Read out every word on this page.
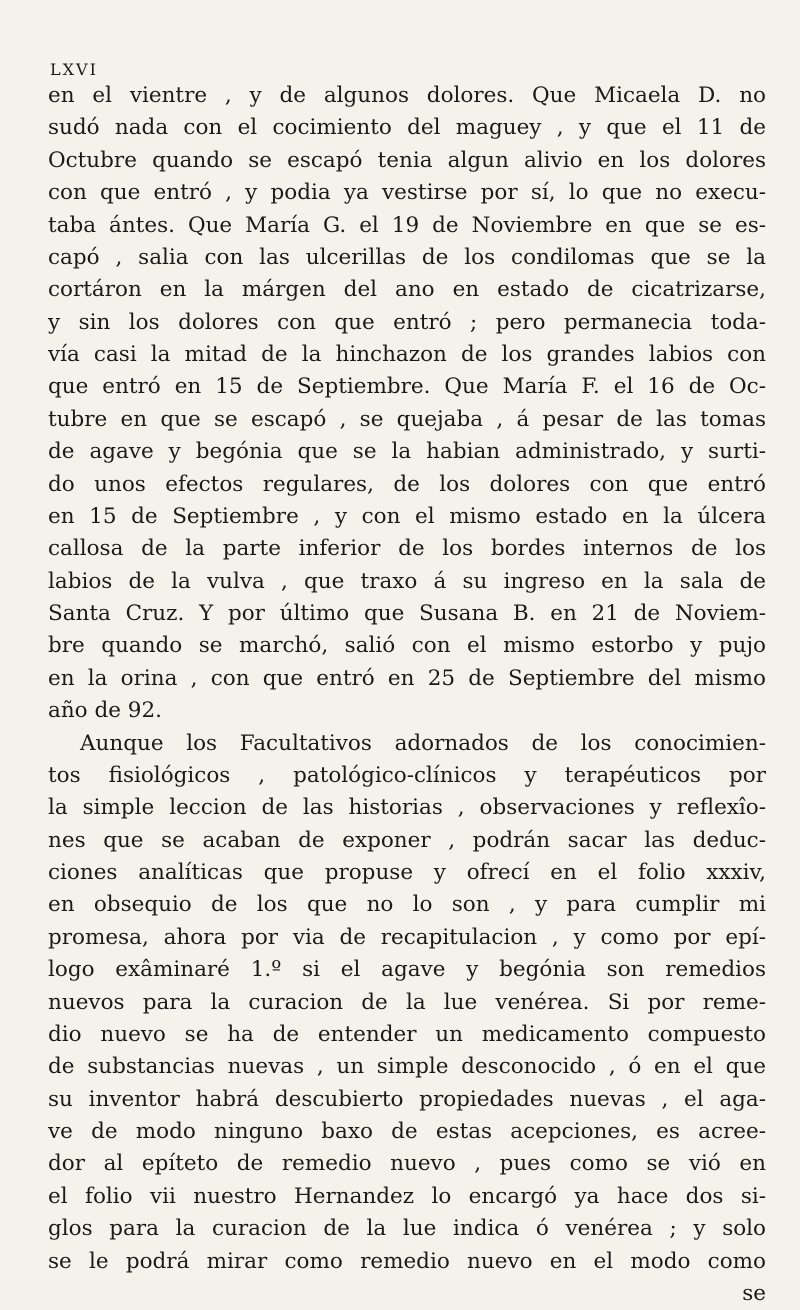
LXVI

en el vientre , y de algunos dolores. Que Micaela D. no
sudó nada con el cocimiento del maguey , y que el 11 de
Octubre quando se escapó tenia algun alivio en los dolores
con que entró , y podia ya vestirse por sí, lo que no execu-
taba ántes. Que María G. el 19 de Noviembre en que se es-
capó , salia con las ulcerillas de los condilomas que se la
cortáron en la márgen del ano en estado de cicatrizarse,
y sin los dolores con que entró ; pero permanecia toda-
vía casi la mitad de la hinchazon de los grandes labios con
que entró en 15 de Septiembre. Que María F. el 16 de Oc-
tubre en que se escapó , se quejaba , á pesar de las tomas
de agave y begónia que se la habian administrado, y surti-
do unos efectos regulares, de los dolores con que entró
en 15 de Septiembre , y con el mismo estado en la úlcera
callosa de la parte inferior de los bordes internos de los
labios de la vulva , que traxo á su ingreso en la sala de
Santa Cruz. Y por último que Susana B. en 21 de Noviem-
bre quando se marchó, salió con el mismo estorbo y pujo
en la orina , con que entró en 25 de Septiembre del mismo
año de 92.
Aunque los Facultativos adornados de los conocimien-
tos fisiológicos , patológico-clínicos y terapéuticos por
la simple leccion de las historias , observaciones y reflexîo-
nes que se acaban de exponer , podrán sacar las deduc-
ciones analíticas que propuse y ofrecí en el folio xxxiv,
en obsequio de los que no lo son , y para cumplir mi
promesa, ahora por via de recapitulacion , y como por epí-
logo exâminaré 1.º si el agave y begónia son remedios
nuevos para la curacion de la lue venérea. Si por reme-
dio nuevo se ha de entender un medicamento compuesto
de substancias nuevas , un simple desconocido , ó en el que
su inventor habrá descubierto propiedades nuevas , el aga-
ve de modo ninguno baxo de estas acepciones, es acree-
dor al epíteto de remedio nuevo , pues como se vió en
el folio vii nuestro Hernandez lo encargó ya hace dos si-
glos para la curacion de la lue indica ó venérea ; y solo
se le podrá mirar como remedio nuevo en el modo como
se
